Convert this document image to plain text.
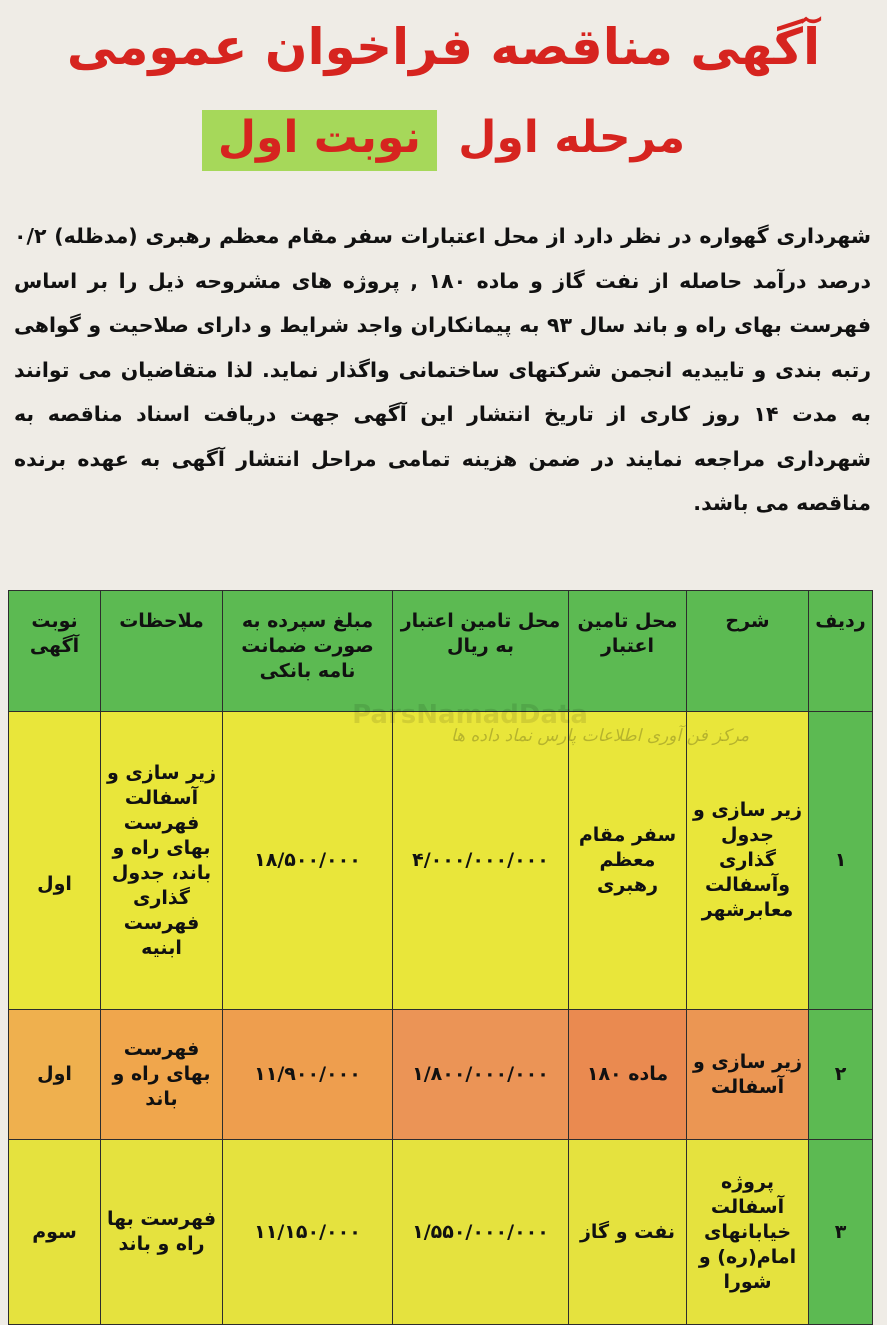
آگهی مناقصه فراخوان عمومی
مرحله اول نوبت اول
شهرداری گهواره در نظر دارد از محل اعتبارات سفر مقام معظم رهبری (مدظله) ۰/۲ درصد درآمد حاصله از نفت گاز و ماده ۱۸۰ , پروژه های مشروحه ذیل را بر اساس فهرست بهای راه و باند سال ۹۳ به پیمانکاران واجد شرایط و دارای صلاحیت و گواهی رتبه بندی و تاییدیه انجمن شرکتهای ساختمانی واگذار نماید. لذا متقاضیان می توانند به مدت ۱۴ روز کاری از تاریخ انتشار این آگهی جهت دریافت اسناد مناقصه به شهرداری مراجعه نمایند در ضمن هزینه تمامی مراحل انتشار آگهی به عهده برنده مناقصه می باشد.
ردیف	شرح	محل تامین اعتبار	محل تامین اعتبار به ریال	مبلغ سپرده به صورت ضمانت نامه بانکی	ملاحظات	نوبت آگهی
۱	زیر سازی و جدول گذاری وآسفالت معابرشهر	سفر مقام معظم رهبری	۴/۰۰۰/۰۰۰/۰۰۰	۱۸/۵۰۰/۰۰۰	زیر سازی و آسفالت فهرست بهای راه و باند، جدول گذاری فهرست ابنیه	اول
۲	زیر سازی و آسفالت	ماده ۱۸۰	۱/۸۰۰/۰۰۰/۰۰۰	۱۱/۹۰۰/۰۰۰	فهرست بهای راه و باند	اول
۳	پروژه آسفالت خیابانهای امام(ره) و شورا	نفت و گاز	۱/۵۵۰/۰۰۰/۰۰۰	۱۱/۱۵۰/۰۰۰	فهرست بها راه و باند	سوم
ParsNamadData
مرکز فن آوری اطلاعات پارس نماد داده ها
